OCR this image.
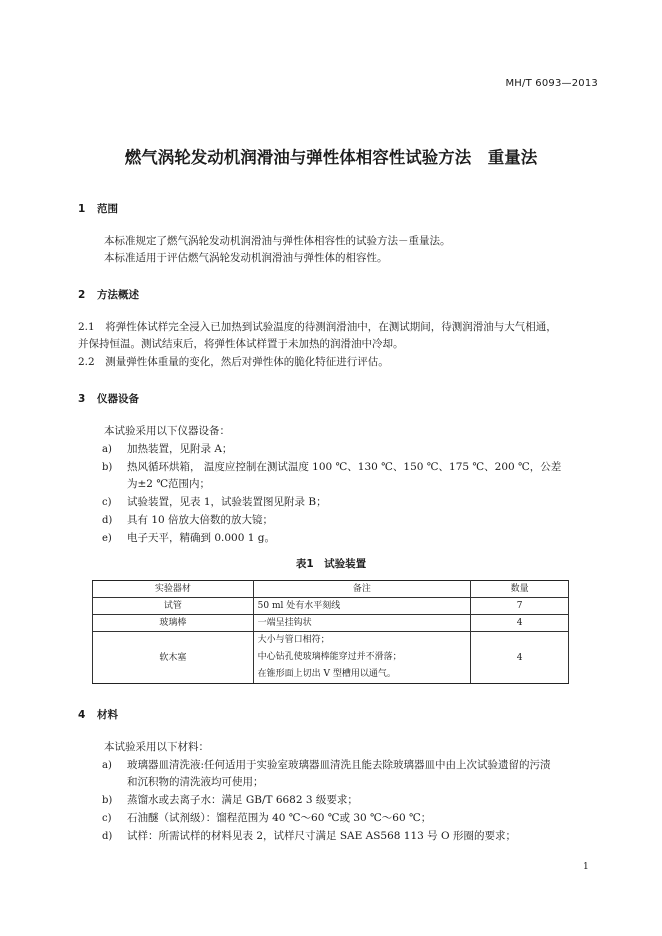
MH/T 6093—2013
燃气涡轮发动机润滑油与弹性体相容性试验方法　重量法
1 范围
本标准规定了燃气涡轮发动机润滑油与弹性体相容性的试验方法－重量法。
本标准适用于评估燃气涡轮发动机润滑油与弹性体的相容性。
2 方法概述
2.1　将弹性体试样完全浸入已加热到试验温度的待测润滑油中，在测试期间，待测润滑油与大气相通，
并保持恒温。测试结束后，将弹性体试样置于未加热的润滑油中冷却。
2.2　测量弹性体重量的变化，然后对弹性体的脆化特征进行评估。
3 仪器设备
本试验采用以下仪器设备：
a) 加热装置，见附录 A；
b) 热风循环烘箱， 温度应控制在测试温度 100 ℃、130 ℃、150 ℃、175 ℃、200 ℃，公差
为±2 ℃范围内；
c) 试验装置，见表 1，试验装置图见附录 B；
d) 具有 10 倍放大倍数的放大镜；
e) 电子天平，精确到 0.000 1 g。
表1　试验装置
实验器材	备注	数量
试管	50 ml 处有水平刻线	7
玻璃棒	一端呈挂钩状	4
软木塞	大小与管口相符；
中心钻孔使玻璃棒能穿过并不滑落；
在锥形面上切出 V 型槽用以通气。	4
4 材料
本试验采用以下材料：
a) 玻璃器皿清洗液:任何适用于实验室玻璃器皿清洗且能去除玻璃器皿中由上次试验遗留的污渍
和沉积物的清洗液均可使用；
b) 蒸馏水或去离子水：满足 GB/T 6682 3 级要求；
c) 石油醚（试剂级）：馏程范围为 40 ℃～60 ℃或 30 ℃～60 ℃；
d) 试样：所需试样的材料见表 2，试样尺寸满足 SAE AS568 113 号 O 形圈的要求；
1
